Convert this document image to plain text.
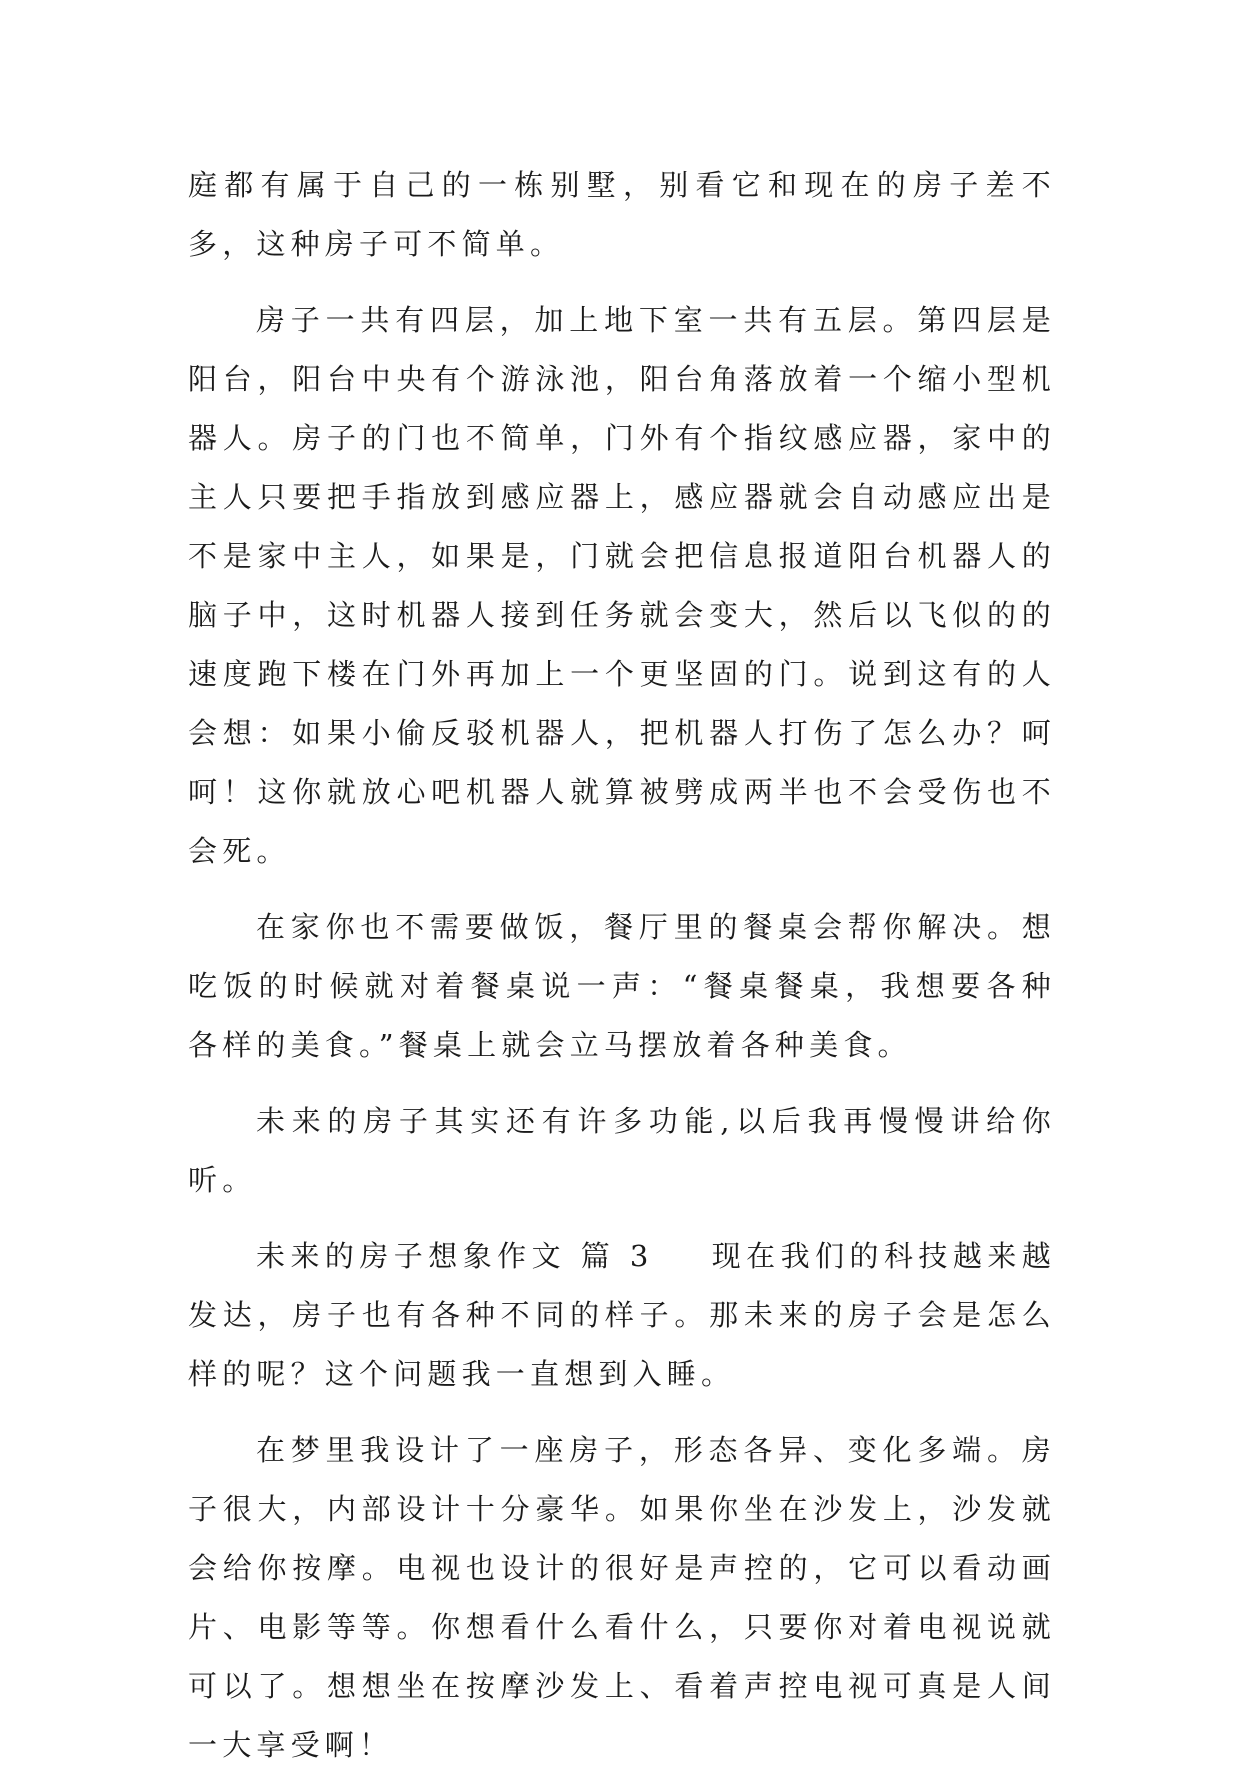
庭都有属于自己的一栋别墅，别看它和现在的房子差不多，这种房子可不简单。

房子一共有四层，加上地下室一共有五层。第四层是阳台，阳台中央有个游泳池，阳台角落放着一个缩小型机器人。房子的门也不简单，门外有个指纹感应器，家中的主人只要把手指放到感应器上，感应器就会自动感应出是不是家中主人，如果是，门就会把信息报道阳台机器人的脑子中，这时机器人接到任务就会变大，然后以飞似的的速度跑下楼在门外再加上一个更坚固的门。说到这有的人会想：如果小偷反驳机器人，把机器人打伤了怎么办？呵呵！这你就放心吧机器人就算被劈成两半也不会受伤也不会死。

在家你也不需要做饭，餐厅里的餐桌会帮你解决。想吃饭的时候就对着餐桌说一声：“餐桌餐桌，我想要各种各样的美食。”餐桌上就会立马摆放着各种美食。

未来的房子其实还有许多功能,以后我再慢慢讲给你听。

未来的房子想象作文 篇 3 现在我们的科技越来越发达，房子也有各种不同的样子。那未来的房子会是怎么样的呢？这个问题我一直想到入睡。

在梦里我设计了一座房子，形态各异、变化多端。房子很大，内部设计十分豪华。如果你坐在沙发上，沙发就会给你按摩。电视也设计的很好是声控的，它可以看动画片、电影等等。你想看什么看什么，只要你对着电视说就可以了。想想坐在按摩沙发上、看着声控电视可真是人间一大享受啊！
